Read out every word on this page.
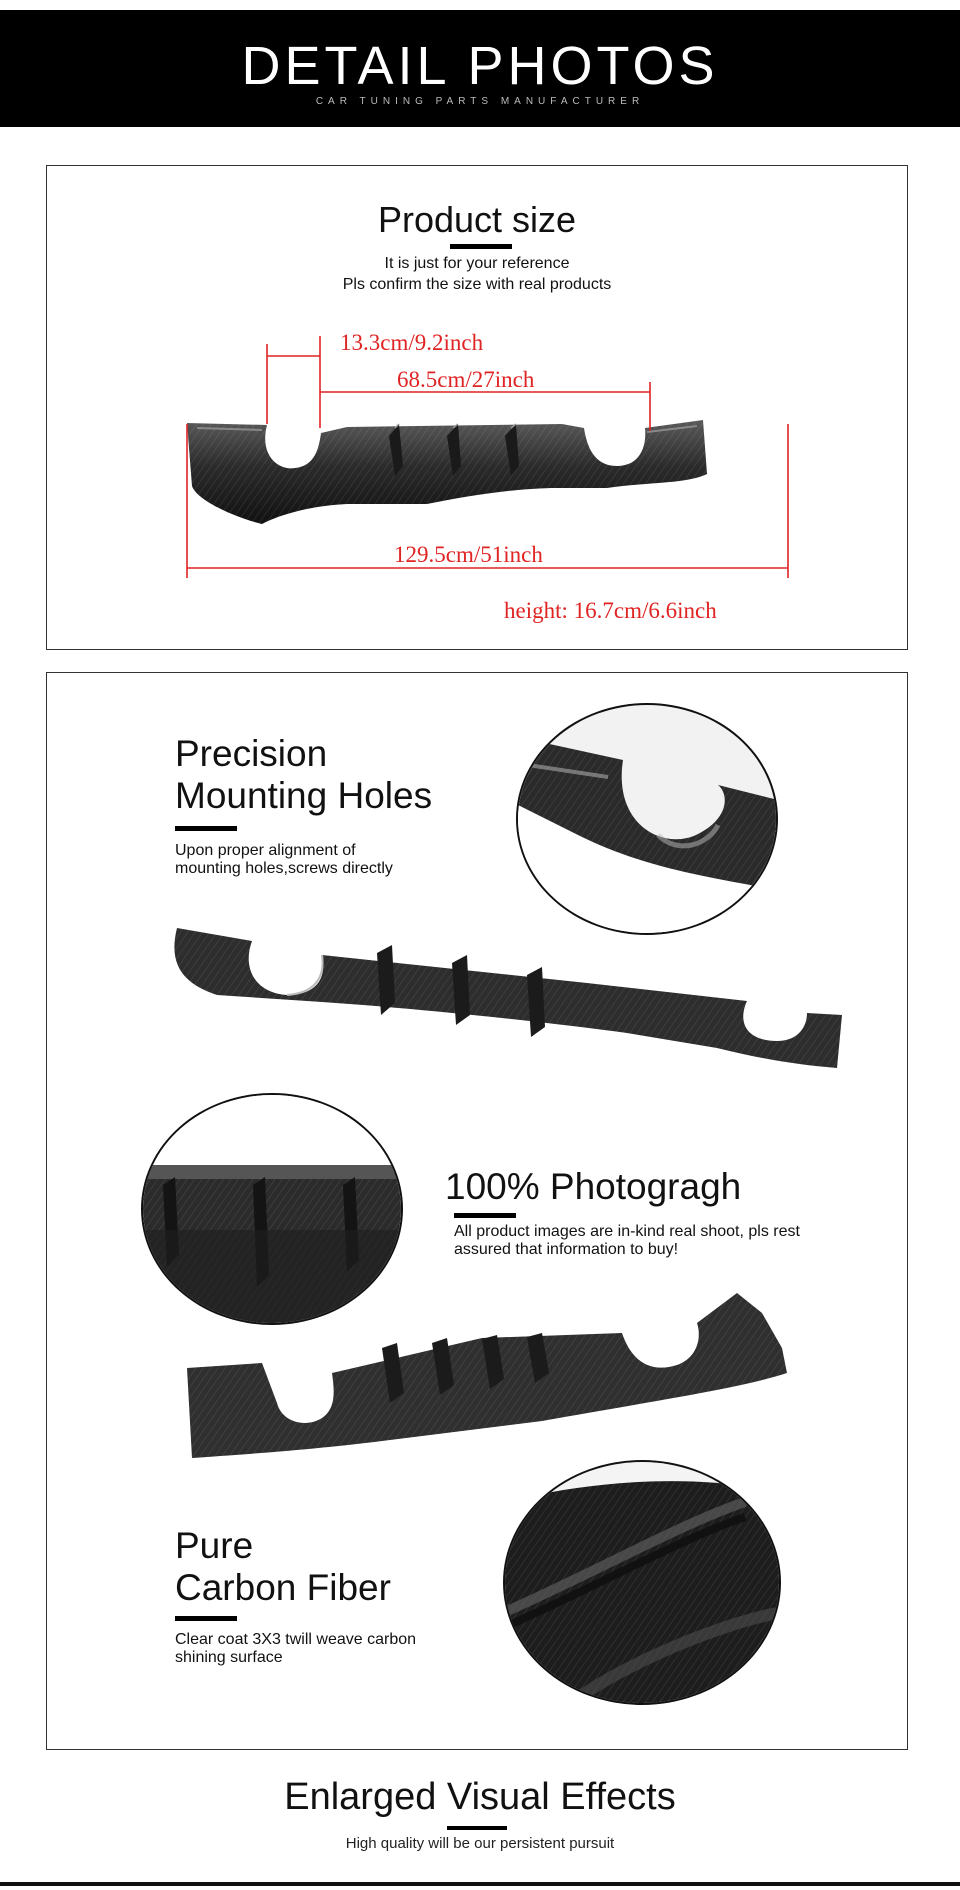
DETAIL PHOTOS
CAR TUNING PARTS MANUFACTURER
Product size
It is just for your reference
Pls confirm the size with real products
13.3cm/9.2inch
68.5cm/27inch
129.5cm/51inch
height: 16.7cm/6.6inch
Precision
Mounting Holes
Upon proper alignment of
mounting holes,screws directly
100% Photogragh
All product images are in-kind real shoot, pls rest
assured that information to buy!
Pure
Carbon Fiber
Clear coat 3X3 twill weave carbon
shining surface
Enlarged Visual Effects
High quality will be our persistent pursuit
